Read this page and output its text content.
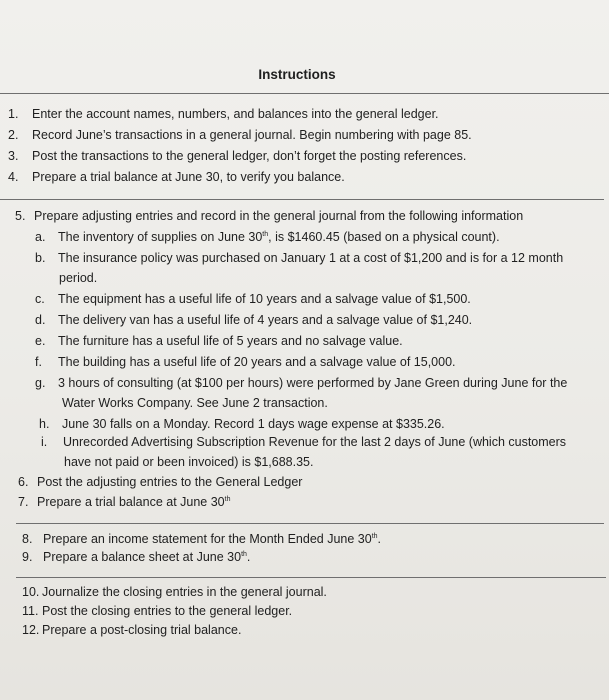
Instructions
1. Enter the account names, numbers, and balances into the general ledger.
2. Record June’s transactions in a general journal. Begin numbering with page 85.
3. Post the transactions to the general ledger, don’t forget the posting references.
4. Prepare a trial balance at June 30, to verify you balance.
5. Prepare adjusting entries and record in the general journal from the following information
a. The inventory of supplies on June 30th, is $1460.45 (based on a physical count).
b. The insurance policy was purchased on January 1 at a cost of $1,200 and is for a 12 month
period.
c. The equipment has a useful life of 10 years and a salvage value of $1,500.
d. The delivery van has a useful life of 4 years and a salvage value of $1,240.
e. The furniture has a useful life of 5 years and no salvage value.
f. The building has a useful life of 20 years and a salvage value of 15,000.
g. 3 hours of consulting (at $100 per hours) were performed by Jane Green during June for the
Water Works Company. See June 2 transaction.
h. June 30 falls on a Monday. Record 1 days wage expense at $335.26.
i. Unrecorded Advertising Subscription Revenue for the last 2 days of June (which customers
have not paid or been invoiced) is $1,688.35.
6. Post the adjusting entries to the General Ledger
7. Prepare a trial balance at June 30th
8. Prepare an income statement for the Month Ended June 30th.
9. Prepare a balance sheet at June 30th.
10. Journalize the closing entries in the general journal.
11. Post the closing entries to the general ledger.
12. Prepare a post-closing trial balance.
